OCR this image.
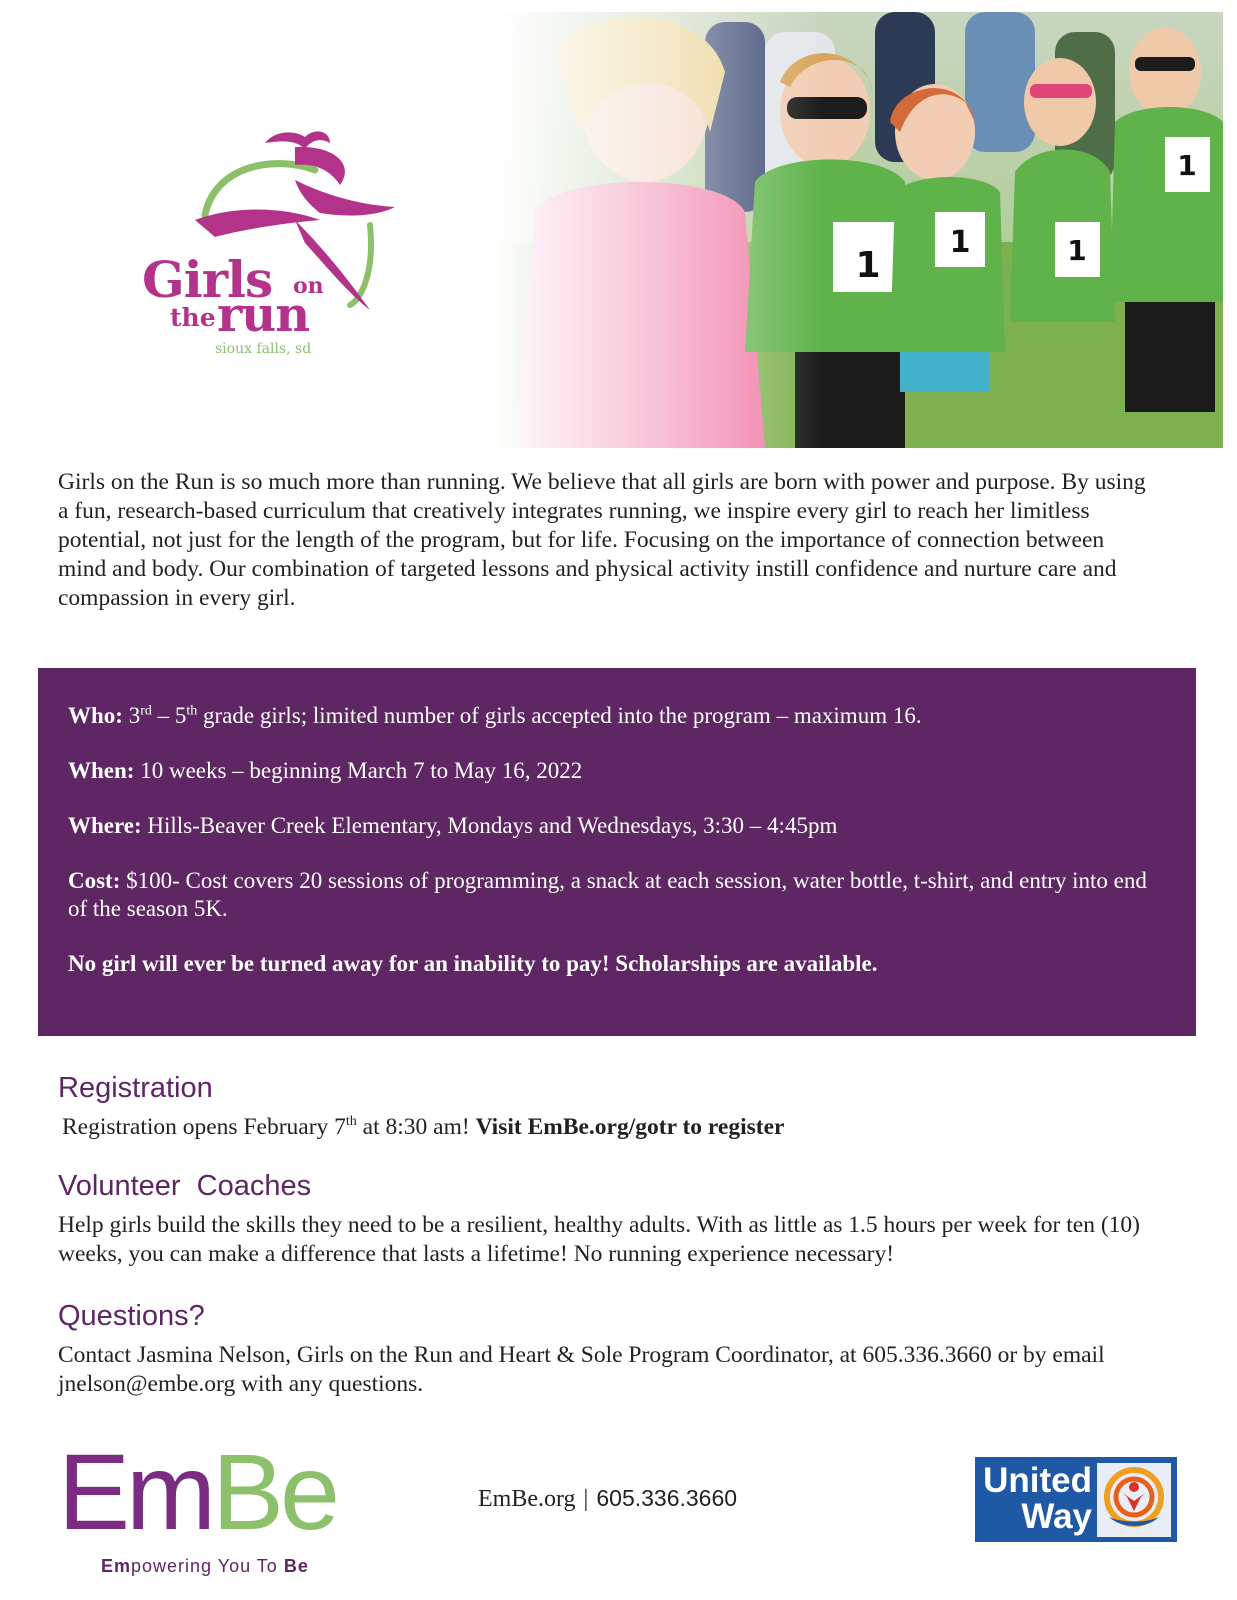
Girls on
the run
sioux falls, sd

Girls on the Run is so much more than running. We believe that all girls are born with power and purpose. By using a fun, research-based curriculum that creatively integrates running, we inspire every girl to reach her limitless potential, not just for the length of the program, but for life. Focusing on the importance of connection between mind and body. Our combination of targeted lessons and physical activity instill confidence and nurture care and compassion in every girl.

Who: 3rd – 5th grade girls; limited number of girls accepted into the program – maximum 16.

When: 10 weeks – beginning March 7 to May 16, 2022

Where: Hills-Beaver Creek Elementary, Mondays and Wednesdays, 3:30 – 4:45pm

Cost: $100- Cost covers 20 sessions of programming, a snack at each session, water bottle, t-shirt, and entry into end of the season 5K.

No girl will ever be turned away for an inability to pay! Scholarships are available.

Registration

Registration opens February 7th at 8:30 am! Visit EmBe.org/gotr to register

Volunteer  Coaches

Help girls build the skills they need to be a resilient, healthy adults. With as little as 1.5 hours per week for ten (10) weeks, you can make a difference that lasts a lifetime! No running experience necessary!

Questions?

Contact Jasmina Nelson, Girls on the Run and Heart & Sole Program Coordinator, at 605.336.3660 or by email jnelson@embe.org with any questions.

EmBe
Empowering You To Be
EmBe.org | 605.336.3660	United
Way
